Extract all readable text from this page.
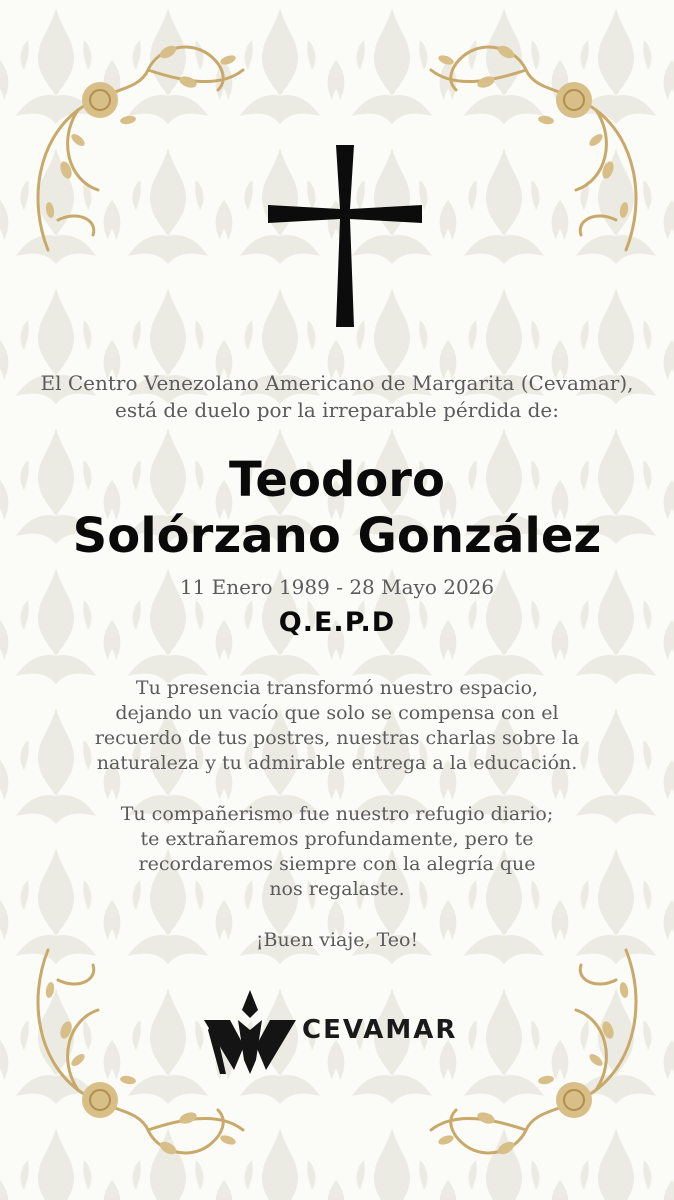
El Centro Venezolano Americano de Margarita (Cevamar),
está de duelo por la irreparable pérdida de:
Teodoro
Solórzano González
11 Enero 1989 - 28 Mayo 2026
Q.E.P.D
Tu presencia transformó nuestro espacio,
dejando un vacío que solo se compensa con el
recuerdo de tus postres, nuestras charlas sobre la
naturaleza y tu admirable entrega a la educación.
Tu compañerismo fue nuestro refugio diario;
te extrañaremos profundamente, pero te
recordaremos siempre con la alegría que
nos regalaste.
¡Buen viaje, Teo!
CEVAMAR
